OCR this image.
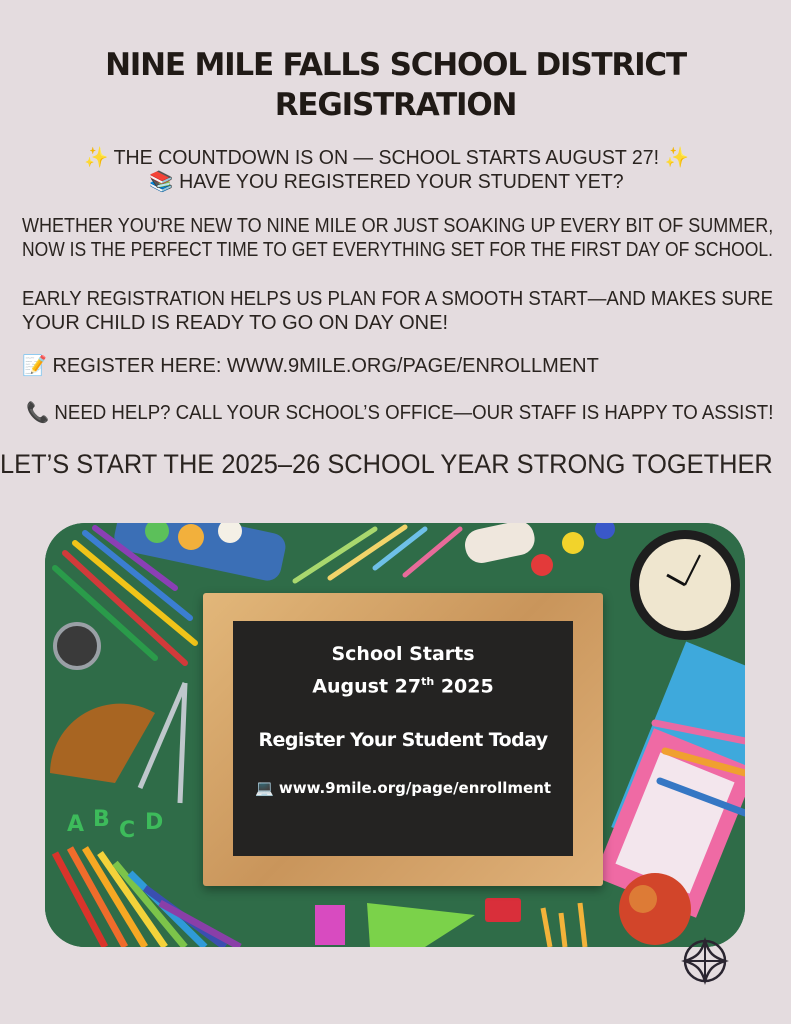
NINE MILE FALLS SCHOOL DISTRICT
REGISTRATION
✨ THE COUNTDOWN IS ON — SCHOOL STARTS AUGUST 27! ✨
📚 HAVE YOU REGISTERED YOUR STUDENT YET?
WHETHER YOU'RE NEW TO NINE MILE OR JUST SOAKING UP EVERY BIT OF SUMMER,
NOW IS THE PERFECT TIME TO GET EVERYTHING SET FOR THE FIRST DAY OF SCHOOL.
EARLY REGISTRATION HELPS US PLAN FOR A SMOOTH START—AND MAKES SURE
YOUR CHILD IS READY TO GO ON DAY ONE!
📝 REGISTER HERE: WWW.9MILE.ORG/PAGE/ENROLLMENT
📞 NEED HELP? CALL YOUR SCHOOL’S OFFICE—OUR STAFF IS HAPPY TO ASSIST!
LET’S START THE 2025–26 SCHOOL YEAR STRONG TOGETHER
A B C D
School Starts
August 27th 2025
Register Your Student Today
💻 www.9mile.org/page/enrollment
